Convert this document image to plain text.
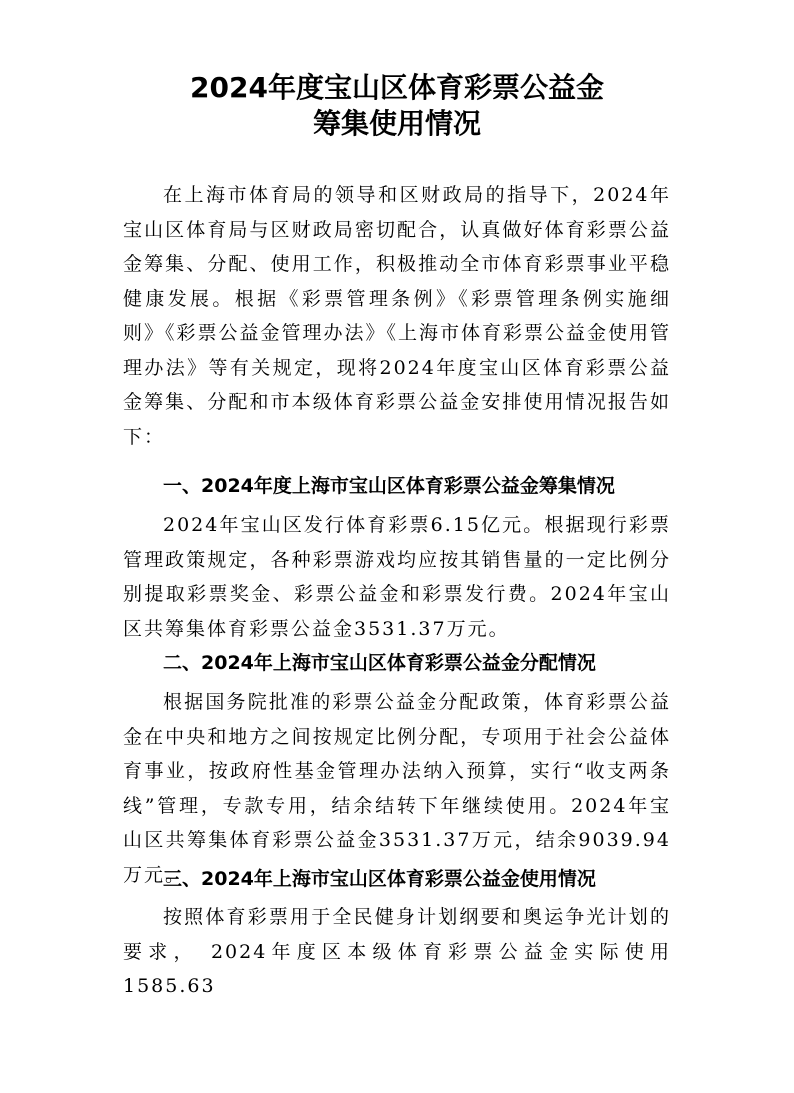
2024年度宝山区体育彩票公益金
筹集使用情况

在上海市体育局的领导和区财政局的指导下，2024年宝山区体育局与区财政局密切配合，认真做好体育彩票公益金筹集、分配、使用工作，积极推动全市体育彩票事业平稳健康发展。根据《彩票管理条例》《彩票管理条例实施细则》《彩票公益金管理办法》《上海市体育彩票公益金使用管理办法》等有关规定，现将2024年度宝山区体育彩票公益金筹集、分配和市本级体育彩票公益金安排使用情况报告如下：

一、2024年度上海市宝山区体育彩票公益金筹集情况

2024年宝山区发行体育彩票6.15亿元。根据现行彩票管理政策规定，各种彩票游戏均应按其销售量的一定比例分别提取彩票奖金、彩票公益金和彩票发行费。2024年宝山区共筹集体育彩票公益金3531.37万元。

二、2024年上海市宝山区体育彩票公益金分配情况

根据国务院批准的彩票公益金分配政策，体育彩票公益金在中央和地方之间按规定比例分配，专项用于社会公益体育事业，按政府性基金管理办法纳入预算，实行“收支两条线”管理，专款专用，结余结转下年继续使用。2024年宝山区共筹集体育彩票公益金3531.37万元，结余9039.94万元。

三、2024年上海市宝山区体育彩票公益金使用情况

按照体育彩票用于全民健身计划纲要和奥运争光计划的要求， 2024年度区本级体育彩票公益金实际使用1585.63
